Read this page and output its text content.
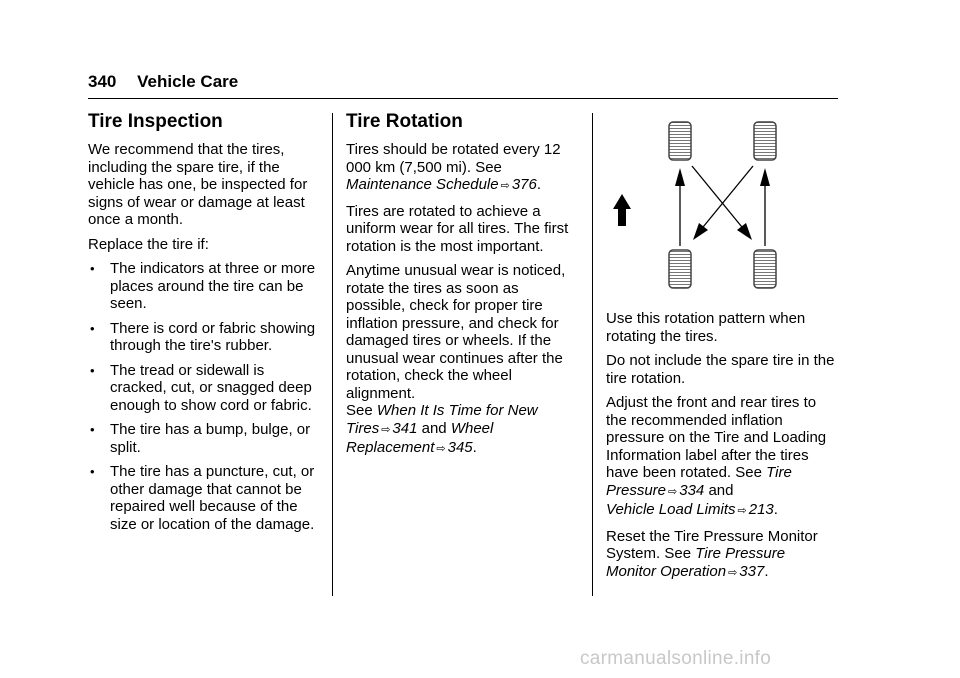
340 Vehicle Care
Tire Inspection

We recommend that the tires, including the spare tire, if the vehicle has one, be inspected for signs of wear or damage at least once a month.

Replace the tire if:

• The indicators at three or more places around the tire can be seen.
• There is cord or fabric showing through the tire's rubber.
• The tread or sidewall is cracked, cut, or snagged deep enough to show cord or fabric.
• The tire has a bump, bulge, or split.
• The tire has a puncture, cut, or other damage that cannot be repaired well because of the size or location of the damage.
Tire Rotation

Tires should be rotated every 12 000 km (7,500 mi). See Maintenance Schedule ⇨ 376.

Tires are rotated to achieve a uniform wear for all tires. The first rotation is the most important.

Anytime unusual wear is noticed, rotate the tires as soon as possible, check for proper tire inflation pressure, and check for damaged tires or wheels. If the unusual wear continues after the rotation, check the wheel alignment.
See When It Is Time for New Tires ⇨ 341 and Wheel Replacement ⇨ 345.

Use this rotation pattern when rotating the tires.

Do not include the spare tire in the tire rotation.

Adjust the front and rear tires to the recommended inflation pressure on the Tire and Loading Information label after the tires have been rotated. See Tire Pressure ⇨ 334 and
Vehicle Load Limits ⇨ 213.

Reset the Tire Pressure Monitor System. See Tire Pressure Monitor Operation ⇨ 337.

carmanualsonline.info
